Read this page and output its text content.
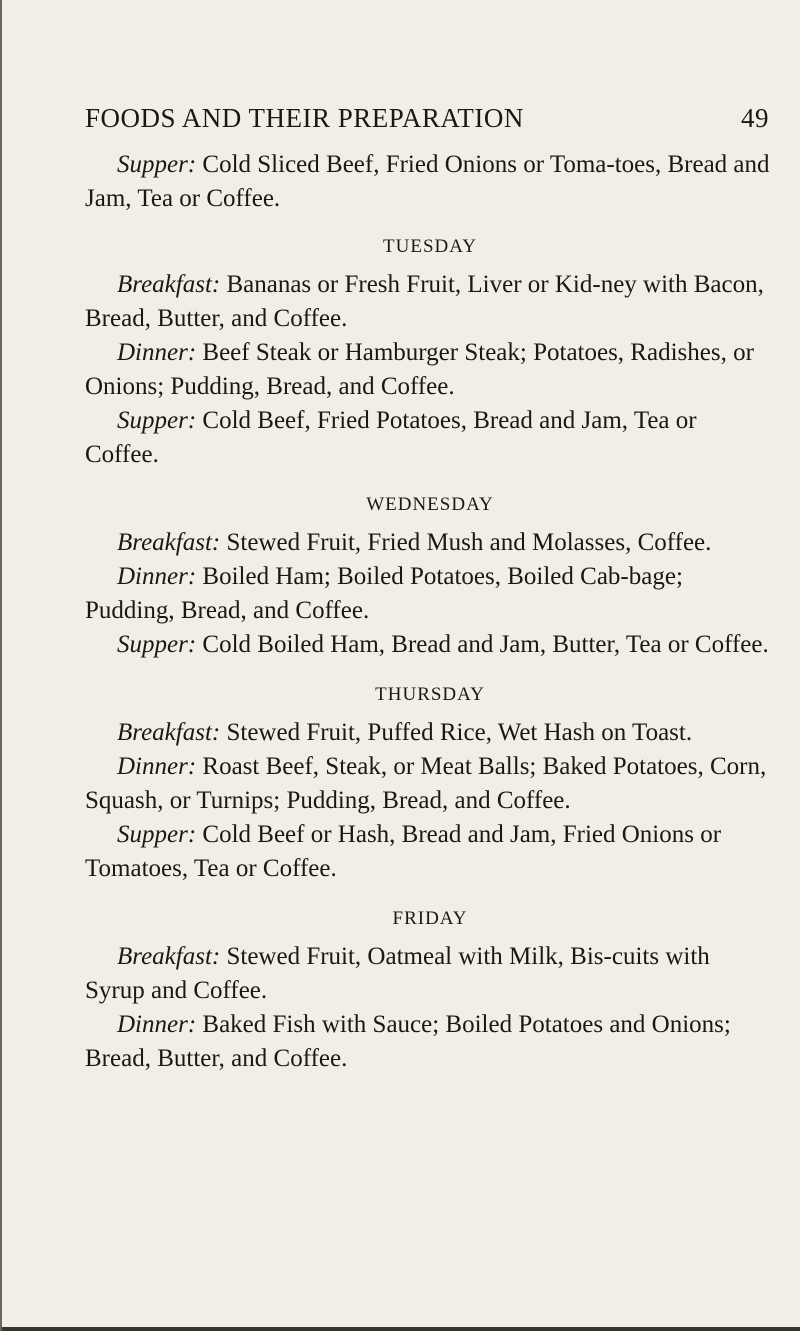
FOODS AND THEIR PREPARATION	49

Supper: Cold Sliced Beef, Fried Onions or Toma-toes, Bread and Jam, Tea or Coffee.

TUESDAY

Breakfast: Bananas or Fresh Fruit, Liver or Kid-ney with Bacon, Bread, Butter, and Coffee.

Dinner: Beef Steak or Hamburger Steak; Potatoes, Radishes, or Onions; Pudding, Bread, and Coffee.

Supper: Cold Beef, Fried Potatoes, Bread and Jam, Tea or Coffee.

WEDNESDAY

Breakfast: Stewed Fruit, Fried Mush and Molasses, Coffee.

Dinner: Boiled Ham; Boiled Potatoes, Boiled Cab-bage; Pudding, Bread, and Coffee.

Supper: Cold Boiled Ham, Bread and Jam, Butter, Tea or Coffee.

THURSDAY

Breakfast: Stewed Fruit, Puffed Rice, Wet Hash on Toast.

Dinner: Roast Beef, Steak, or Meat Balls; Baked Potatoes, Corn, Squash, or Turnips; Pudding, Bread, and Coffee.

Supper: Cold Beef or Hash, Bread and Jam, Fried Onions or Tomatoes, Tea or Coffee.

FRIDAY

Breakfast: Stewed Fruit, Oatmeal with Milk, Bis-cuits with Syrup and Coffee.

Dinner: Baked Fish with Sauce; Boiled Potatoes and Onions; Bread, Butter, and Coffee.
